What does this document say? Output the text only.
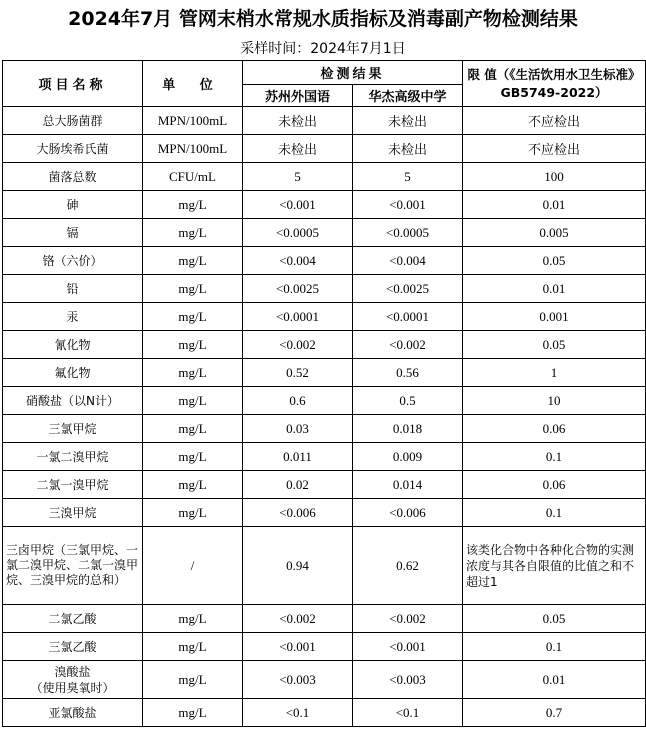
2024年7月 管网末梢水常规水质指标及消毒副产物检测结果
采样时间：2024年7月1日
项目名称	单 位	检测结果		限 值（《生活饮用水卫生标准》GB5749-2022）
		苏州外国语	华杰高级中学	
总大肠菌群	MPN/100mL	未检出	未检出	不应检出
大肠埃希氏菌	MPN/100mL	未检出	未检出	不应检出
菌落总数	CFU/mL	5	5	100
砷	mg/L	<0.001	<0.001	0.01
镉	mg/L	<0.0005	<0.0005	0.005
铬（六价）	mg/L	<0.004	<0.004	0.05
铅	mg/L	<0.0025	<0.0025	0.01
汞	mg/L	<0.0001	<0.0001	0.001
氰化物	mg/L	<0.002	<0.002	0.05
氟化物	mg/L	0.52	0.56	1
硝酸盐（以N计）	mg/L	0.6	0.5	10
三氯甲烷	mg/L	0.03	0.018	0.06
一氯二溴甲烷	mg/L	0.011	0.009	0.1
二氯一溴甲烷	mg/L	0.02	0.014	0.06
三溴甲烷	mg/L	<0.006	<0.006	0.1
三卤甲烷（三氯甲烷、一氯二溴甲烷、二氯一溴甲烷、三溴甲烷的总和）	/	0.94	0.62	该类化合物中各种化合物的实测浓度与其各自限值的比值之和不超过1
二氯乙酸	mg/L	<0.002	<0.002	0.05
三氯乙酸	mg/L	<0.001	<0.001	0.1
溴酸盐
（使用臭氧时）	mg/L	<0.003	<0.003	0.01
亚氯酸盐	mg/L	<0.1	<0.1	0.7
